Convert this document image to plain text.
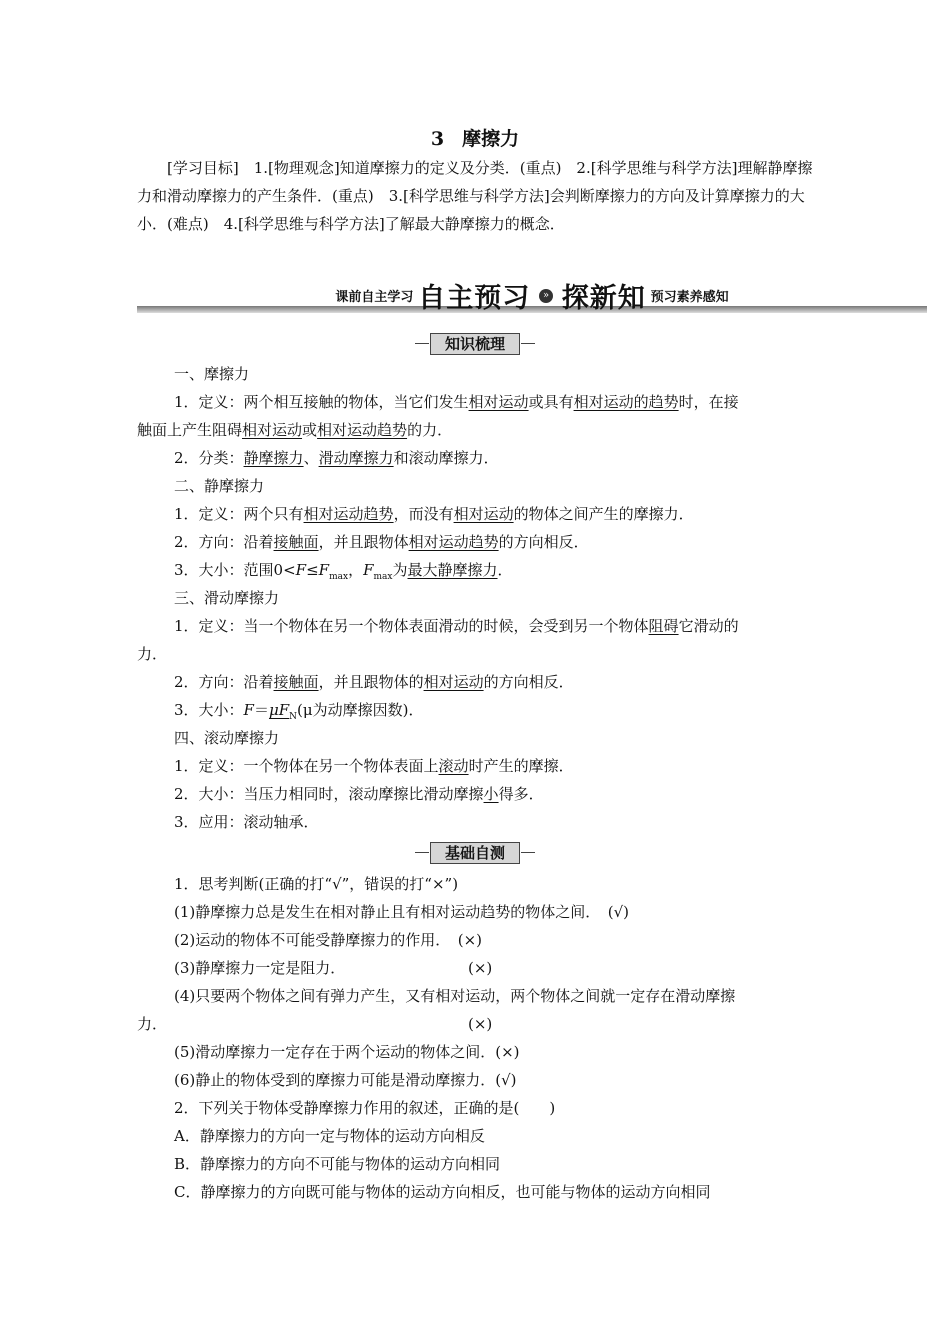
3 摩擦力
[学习目标]　1.[物理观念]知道摩擦力的定义及分类．(重点)　2.[科学思维与科学方法]理解静摩擦力和滑动摩擦力的产生条件．(重点)　3.[科学思维与科学方法]会判断摩擦力的方向及计算摩擦力的大小．(难点)　4.[科学思维与科学方法]了解最大静摩擦力的概念．
课前自主学习 自主预习 » 探新知 预习素养感知
知识梳理
一、摩擦力
1．定义：两个相互接触的物体，当它们发生相对运动或具有相对运动的趋势时，在接
触面上产生阻碍相对运动或相对运动趋势的力．
2．分类：静摩擦力、滑动摩擦力和滚动摩擦力．
二、静摩擦力
1．定义：两个只有相对运动趋势，而没有相对运动的物体之间产生的摩擦力．
2．方向：沿着接触面，并且跟物体相对运动趋势的方向相反．
3．大小：范围$0<F\le F_{max}$，$F_{max}$为最大静摩擦力．
三、滑动摩擦力
1．定义：当一个物体在另一个物体表面滑动的时候，会受到另一个物体阻碍它滑动的
力．
2．方向：沿着接触面，并且跟物体的相对运动的方向相反．
3．大小：$F=\mu F_N(\mu$为动摩擦因数)．
四、滚动摩擦力
1．定义：一个物体在另一个物体表面上滚动时产生的摩擦．
2．大小：当压力相同时，滚动摩擦比滑动摩擦小得多．
3．应用：滚动轴承．
基础自测
1．思考判断(正确的打“√”，错误的打“×”)
(1)静摩擦力总是发生在相对静止且有相对运动趋势的物体之间．　(√)
(2)运动的物体不可能受静摩擦力的作用．　(×)
(3)静摩擦力一定是阻力．	(×)
(4)只要两个物体之间有弹力产生，又有相对运动，两个物体之间就一定存在滑动摩擦
力．	(×)
(5)滑动摩擦力一定存在于两个运动的物体之间．(×)
(6)静止的物体受到的摩擦力可能是滑动摩擦力．(√)
2．下列关于物体受静摩擦力作用的叙述，正确的是(　　)
A．静摩擦力的方向一定与物体的运动方向相反
B．静摩擦力的方向不可能与物体的运动方向相同
C．静摩擦力的方向既可能与物体的运动方向相反，也可能与物体的运动方向相同
